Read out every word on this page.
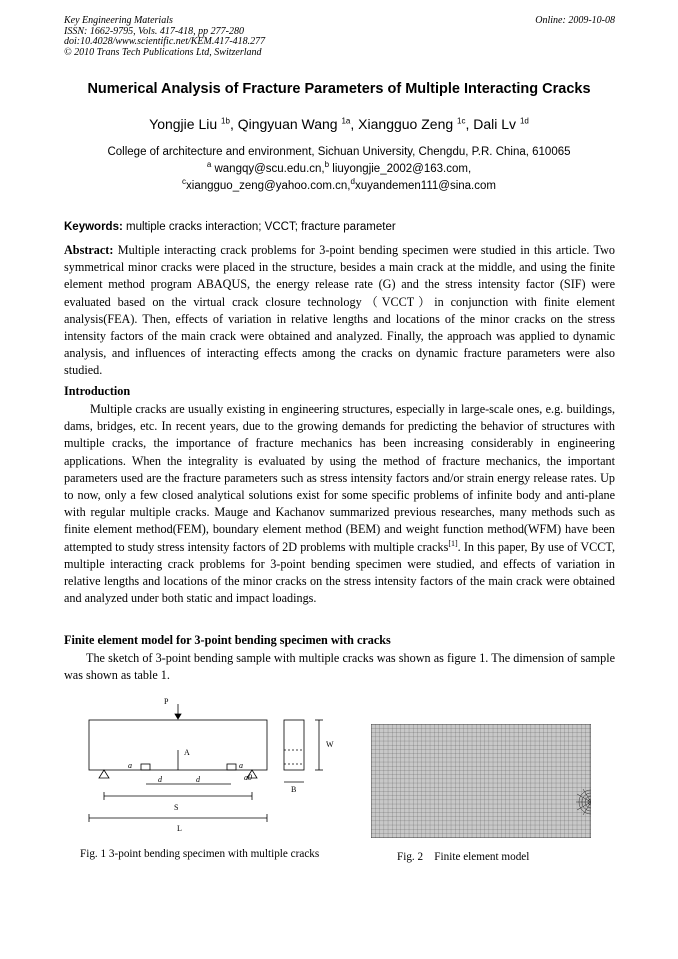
Key Engineering Materials
ISSN: 1662-9795, Vols. 417-418, pp 277-280
doi:10.4028/www.scientific.net/KEM.417-418.277
© 2010 Trans Tech Publications Ltd, Switzerland
Online: 2009-10-08
Numerical Analysis of Fracture Parameters of Multiple Interacting Cracks
Yongjie Liu $^{1b}$, Qingyuan Wang $^{1a}$, Xiangguo Zeng $^{1c}$, Dali Lv $^{1d}$
College of architecture and environment, Sichuan University, Chengdu, P.R. China, 610065
$^a$ wangqy@scu.edu.cn,$^b$ liuyongjie_2002@163.com,
$^c$xiangguo_zeng@yahoo.com.cn,$^d$xuyandemen111@sina.com
Keywords: multiple cracks interaction; VCCT; fracture parameter
Abstract: Multiple interacting crack problems for 3-point bending specimen were studied in this article. Two symmetrical minor cracks were placed in the structure, besides a main crack at the middle, and using the finite element method program ABAQUS, the energy release rate (G) and the stress intensity factor (SIF) were evaluated based on the virtual crack closure technology（VCCT）in conjunction with finite element analysis(FEA). Then, effects of variation in relative lengths and locations of the minor cracks on the stress intensity factors of the main crack were obtained and analyzed. Finally, the approach was applied to dynamic analysis, and influences of interacting effects among the cracks on dynamic fracture parameters were also studied.
Introduction
Multiple cracks are usually existing in engineering structures, especially in large-scale ones, e.g. buildings, dams, bridges, etc. In recent years, due to the growing demands for predicting the behavior of structures with multiple cracks, the importance of fracture mechanics has been increasing considerably in engineering applications. When the integrality is evaluated by using the method of fracture mechanics, the important parameters used are the fracture parameters such as stress intensity factors and/or strain energy release rates. Up to now, only a few closed analytical solutions exist for some specific problems of infinite body and anti-plane with regular multiple cracks. Mauge and Kachanov summarized previous researches, many methods such as finite element method(FEM), boundary element method (BEM) and weight function method(WFM) have been attempted to study stress intensity factors of 2D problems with multiple cracks[1]. In this paper, By use of VCCT, multiple interacting crack problems for 3-point bending specimen were studied, and effects of variation in relative lengths and locations of the minor cracks on the stress intensity factors of the main crack were obtained and analyzed under both static and impact loadings.
Finite element model for 3-point bending specimen with cracks
The sketch of 3-point bending sample with multiple cracks was shown as figure 1. The dimension of sample was shown as table 1.
P
A
a	a
d	d	a0
S
L
W
B
Fig. 1 3-point bending specimen with multiple cracks	Fig. 2　Finite element model
